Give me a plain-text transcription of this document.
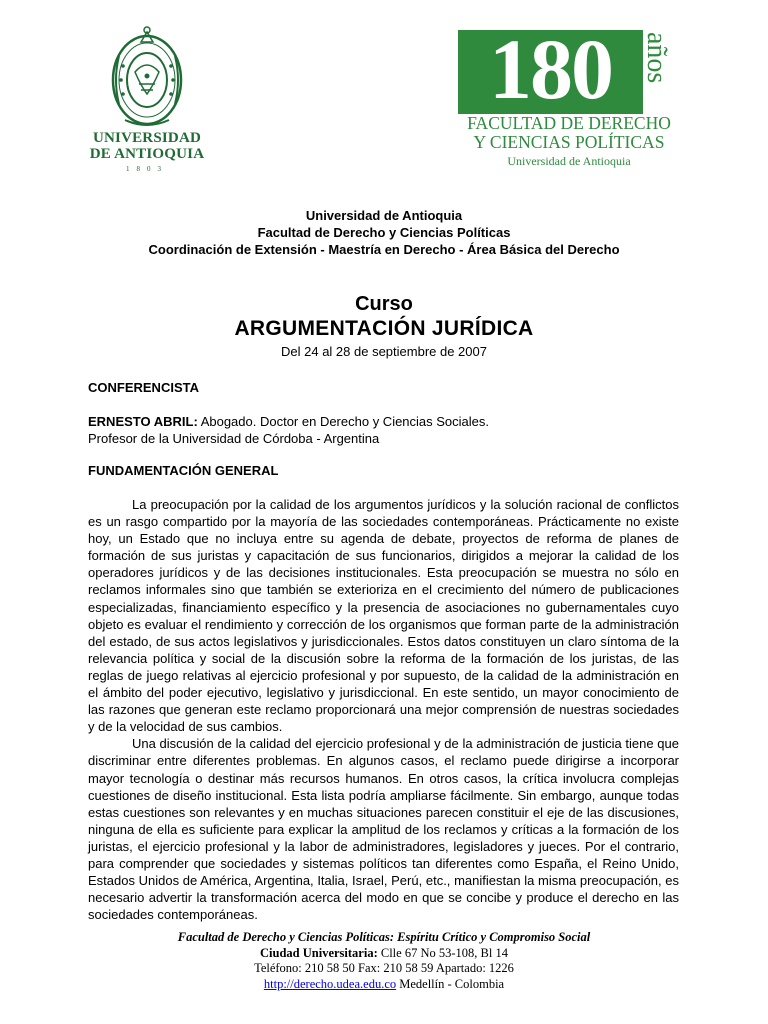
UNIVERSIDAD
DE ANTIOQUIA
1803
180	años
FACULTAD DE DERECHO
Y CIENCIAS POLÍTICAS
Universidad de Antioquia
Universidad de Antioquia
Facultad de Derecho y Ciencias Políticas
Coordinación de Extensión - Maestría en Derecho - Área Básica del Derecho
Curso
ARGUMENTACIÓN JURÍDICA
Del 24 al 28 de septiembre de 2007
CONFERENCISTA
ERNESTO ABRIL: Abogado. Doctor en Derecho y Ciencias Sociales.
Profesor de la Universidad de Córdoba - Argentina
FUNDAMENTACIÓN GENERAL

La preocupación por la calidad de los argumentos jurídicos y la solución racional de conflictos es un rasgo compartido por la mayoría de las sociedades contemporáneas. Prácticamente no existe hoy, un Estado que no incluya entre su agenda de debate, proyectos de reforma de planes de formación de sus juristas y capacitación de sus funcionarios, dirigidos a mejorar la calidad de los operadores jurídicos y de las decisiones institucionales. Esta preocupación se muestra no sólo en reclamos informales sino que también se exterioriza en el crecimiento del número de publicaciones especializadas, financiamiento específico y la presencia de asociaciones no gubernamentales cuyo objeto es evaluar el rendimiento y corrección de los organismos que forman parte de la administración del estado, de sus actos legislativos y jurisdiccionales. Estos datos constituyen un claro síntoma de la relevancia política y social de la discusión sobre la reforma de la formación de los juristas, de las reglas de juego relativas al ejercicio profesional y por supuesto, de la calidad de la administración en el ámbito del poder ejecutivo, legislativo y jurisdiccional. En este sentido, un mayor conocimiento de las razones que generan este reclamo proporcionará una mejor comprensión de nuestras sociedades y de la velocidad de sus cambios.

Una discusión de la calidad del ejercicio profesional y de la administración de justicia tiene que discriminar entre diferentes problemas. En algunos casos, el reclamo puede dirigirse a incorporar mayor tecnología o destinar más recursos humanos. En otros casos, la crítica involucra complejas cuestiones de diseño institucional. Esta lista podría ampliarse fácilmente. Sin embargo, aunque todas estas cuestiones son relevantes y en muchas situaciones parecen constituir el eje de las discusiones, ninguna de ella es suficiente para explicar la amplitud de los reclamos y críticas a la formación de los juristas, el ejercicio profesional y la labor de administradores, legisladores y jueces. Por el contrario, para comprender que sociedades y sistemas políticos tan diferentes como España, el Reino Unido, Estados Unidos de América, Argentina, Italia, Israel, Perú, etc., manifiestan la misma preocupación, es necesario advertir la transformación acerca del modo en que se concibe y produce el derecho en las sociedades contemporáneas.

Facultad de Derecho y Ciencias Políticas: Espíritu Crítico y Compromiso Social
Ciudad Universitaria: Clle 67 No 53-108, Bl 14
Teléfono: 210 58 50 Fax: 210 58 59 Apartado: 1226
http://derecho.udea.edu.co Medellín - Colombia
